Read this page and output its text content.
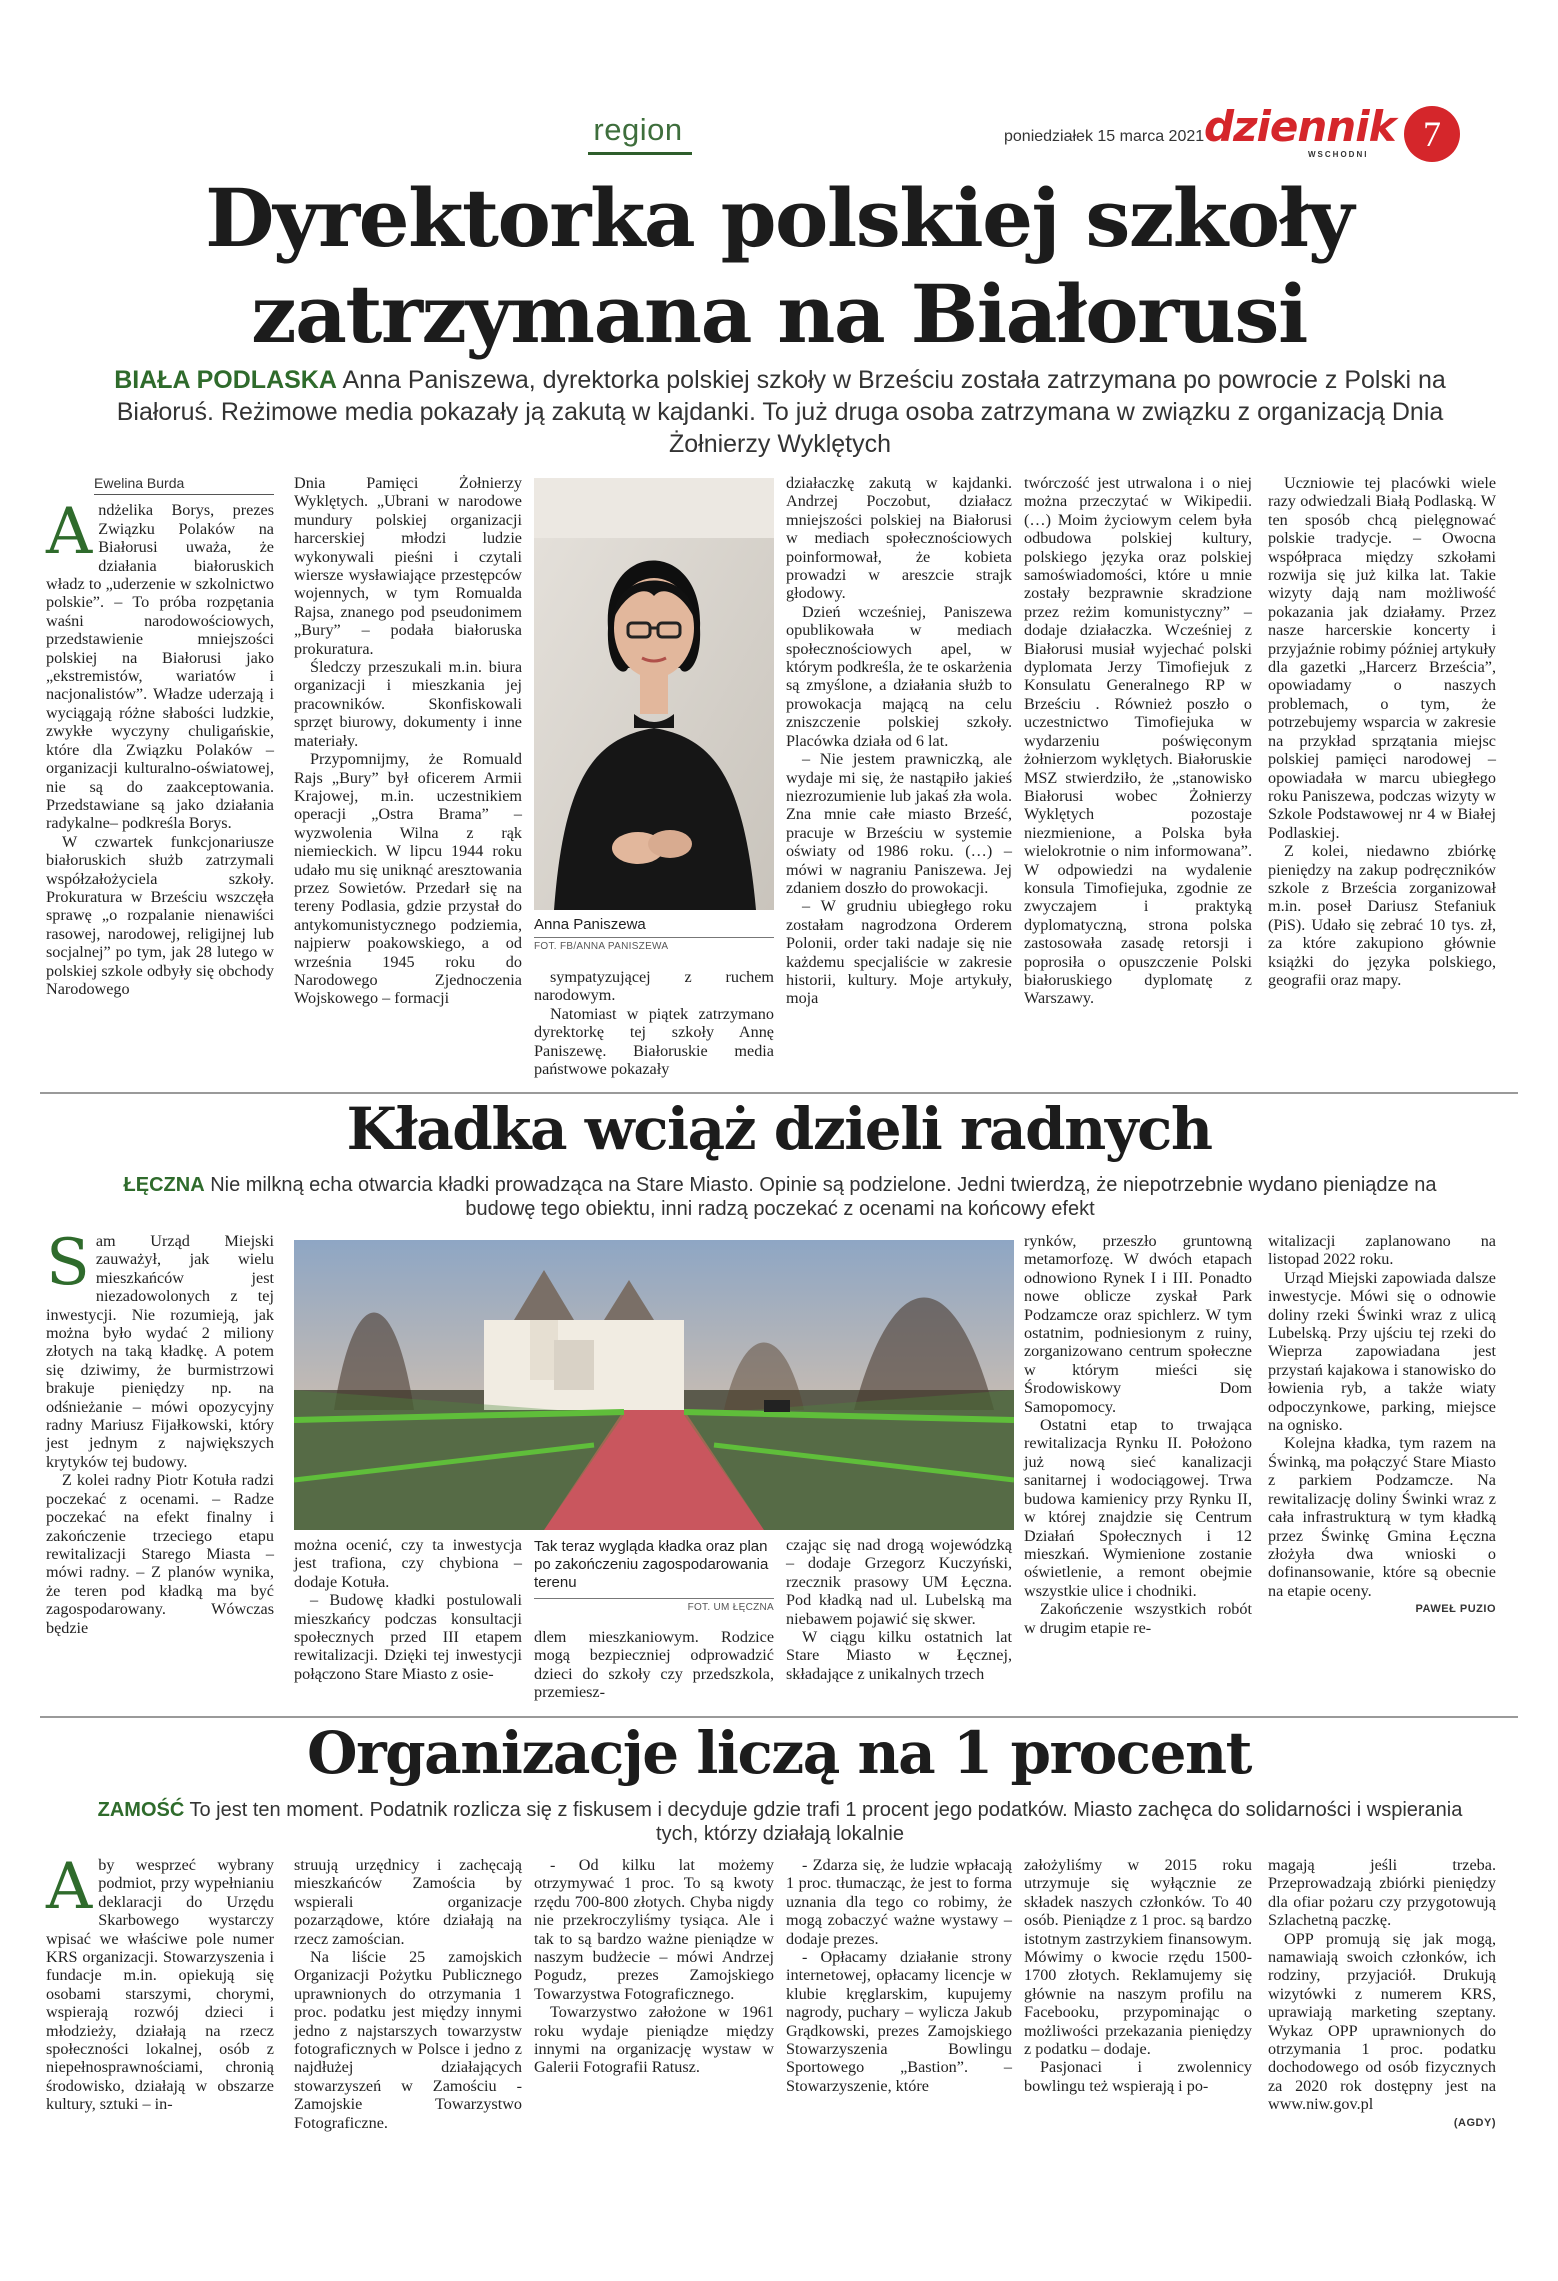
region	poniedziałek 15 marca 2021 dziennik
WSCHODNI
7
Dyrektorka polskiej szkoły
zatrzymana na Białorusi
BIAŁA PODLASKA Anna Paniszewa, dyrektorka polskiej szkoły w Brześciu została zatrzymana po powrocie z Polski na Białoruś. Reżimowe media pokazały ją zakutą w kajdanki. To już druga osoba zatrzymana w związku z organizacją Dnia Żołnierzy Wyklętych
Ewelina Burda
A ndżelika Borys, prezes Związku Polaków na Białorusi uważa, że działania białoruskich władz to „uderzenie w szkolnictwo polskie”. – To próba rozpętania waśni narodowościowych, przedstawienie mniejszości polskiej na Białorusi jako „ekstremistów, wariatów i nacjonalistów”. Władze uderzają i wyciągają różne słabości ludzkie, zwykłe wyczyny chuligańskie, które dla Związku Polaków – organizacji kulturalno-oświatowej, nie są do zaakceptowania. Przedstawiane są jako działania radykalne– podkreśla Borys.

W czwartek funkcjonariusze białoruskich służb zatrzymali współzałożyciela szkoły. Prokuratura w Brześciu wszczęła sprawę „o rozpalanie nienawiści rasowej, narodowej, religijnej lub socjalnej” po tym, jak 28 lutego w polskiej szkole odbyły się obchody Narodowego

Dnia Pamięci Żołnierzy Wyklętych. „Ubrani w narodowe mundury polskiej organizacji harcerskiej młodzi ludzie wykonywali pieśni i czytali wiersze wysławiające przestępców wojennych, w tym Romualda Rajsa, znanego pod pseudonimem „Bury” – podała białoruska prokuratura.

Śledczy przeszukali m.in. biura organizacji i mieszkania jej pracowników. Skonfiskowali sprzęt biurowy, dokumenty i inne materiały.

Przypomnijmy, że Romuald Rajs „Bury” był oficerem Armii Krajowej, m.in. uczestnikiem operacji „Ostra Brama” – wyzwolenia Wilna z rąk niemieckich. W lipcu 1944 roku udało mu się uniknąć aresztowania przez Sowietów. Przedarł się na tereny Podlasia, gdzie przystał do antykomunistycznego podziemia, najpierw poakowskiego, a od września 1945 roku do Narodowego Zjednoczenia Wojskowego – formacji

Anna Paniszewa
FOT. FB/ANNA PANISZEWA

sympatyzującej z ruchem narodowym.

Natomiast w piątek zatrzymano dyrektorkę tej szkoły Annę Paniszewę. Białoruskie media państwowe pokazały

działaczkę zakutą w kajdanki. Andrzej Poczobut, działacz mniejszości polskiej na Białorusi w mediach społecznościowych poinformował, że kobieta prowadzi w areszcie strajk głodowy.

Dzień wcześniej, Paniszewa opublikowała w mediach społecznościowych apel, w którym podkreśla, że te oskarżenia są zmyślone, a działania służb to prowokacja mającą na celu zniszczenie polskiej szkoły. Placówka działa od 6 lat.

– Nie jestem prawniczką, ale wydaje mi się, że nastąpiło jakieś niezrozumienie lub jakaś zła wola. Zna mnie całe miasto Brześć, pracuje w Brześciu w systemie oświaty od 1986 roku. (…) – mówi w nagraniu Paniszewa. Jej zdaniem doszło do prowokacji.

– W grudniu ubiegłego roku zostałam nagrodzona Orderem Polonii, order taki nadaje się nie każdemu specjaliście w zakresie historii, kultury. Moje artykuły, moja

twórczość jest utrwalona i o niej można przeczytać w Wikipedii. (…) Moim życiowym celem była odbudowa polskiej kultury, polskiego języka oraz polskiej samoświadomości, które u mnie zostały bezprawnie skradzione przez reżim komunistyczny” – dodaje działaczka. Wcześniej z Białorusi musiał wyjechać polski dyplomata Jerzy Timofiejuk z Konsulatu Generalnego RP w Brześciu . Również poszło o uczestnictwo Timofiejuka w wydarzeniu poświęconym żołnierzom wyklętych. Białoruskie MSZ stwierdziło, że „stanowisko Białorusi wobec Żołnierzy Wyklętych pozostaje niezmienione, a Polska była wielokrotnie o nim informowana”. W odpowiedzi na wydalenie konsula Timofiejuka, zgodnie ze zwyczajem i praktyką dyplomatyczną, strona polska zastosowała zasadę retorsji i poprosiła o opuszczenie Polski białoruskiego dyplomatę z Warszawy.

Uczniowie tej placówki wiele razy odwiedzali Białą Podlaską. W ten sposób chcą pielęgnować polskie tradycje. – Owocna współpraca między szkołami rozwija się już kilka lat. Takie wizyty dają nam możliwość pokazania jak działamy. Przez nasze harcerskie koncerty i przyjaźnie robimy później artykuły dla gazetki „Harcerz Brześcia”, opowiadamy o naszych problemach, o tym, że potrzebujemy wsparcia w zakresie na przykład sprzątania miejsc polskiej pamięci narodowej –opowiadała w marcu ubiegłego roku Paniszewa, podczas wizyty w Szkole Podstawowej nr 4 w Białej Podlaskiej.

Z kolei, niedawno zbiórkę pieniędzy na zakup podręczników szkole z Brześcia zorganizował m.in. poseł Dariusz Stefaniuk (PiS). Udało się zebrać 10 tys. zł, za które zakupiono głównie książki do języka polskiego, geografii oraz mapy.

Kładka wciąż dzieli radnych
ŁĘCZNA Nie milkną echa otwarcia kładki prowadząca na Stare Miasto. Opinie są podzielone. Jedni twierdzą, że niepotrzebnie wydano pieniądze na budowę tego obiektu, inni radzą poczekać z ocenami na końcowy efekt
S am Urząd Miejski zauważył, jak wielu mieszkańców jest niezadowolonych z tej inwestycji. Nie rozumieją, jak można było wydać 2 miliony złotych na taką kładkę. A potem się dziwimy, że burmistrzowi brakuje pieniędzy np. na odśnieżanie – mówi opozycyjny radny Mariusz Fijałkowski, który jest jednym z największych krytyków tej budowy.

Z kolei radny Piotr Kotuła radzi poczekać z ocenami. – Radze poczekać na efekt finalny i zakończenie trzeciego etapu rewitalizacji Starego Miasta – mówi radny. – Z planów wynika, że teren pod kładką ma być zagospodarowany. Wówczas będzie

można ocenić, czy ta inwestycja jest trafiona, czy chybiona – dodaje Kotuła.

– Budowę kładki postulowali mieszkańcy podczas konsultacji społecznych przed III etapem rewitalizacji. Dzięki tej inwestycji połączono Stare Miasto z osie-

Tak teraz wygląda kładka oraz plan po zakończeniu zagospodarowania terenu
FOT. UM ŁĘCZNA

dlem mieszkaniowym. Rodzice mogą bezpieczniej odprowadzić dzieci do szkoły czy przedszkola, przemiesz-

czając się nad drogą wojewódzką – dodaje Grzegorz Kuczyński, rzecznik prasowy UM Łęczna. Pod kładką nad ul. Lubelską ma niebawem pojawić się skwer.

W ciągu kilku ostatnich lat Stare Miasto w Łęcznej, składające z unikalnych trzech

rynków, przeszło gruntowną metamorfozę. W dwóch etapach odnowiono Rynek I i III. Ponadto nowe oblicze zyskał Park Podzamcze oraz spichlerz. W tym ostatnim, podniesionym z ruiny, zorganizowano centrum społeczne w którym mieści się Środowiskowy Dom Samopomocy.

Ostatni etap to trwająca rewitalizacja Rynku II. Położono już nową sieć kanalizacji sanitarnej i wodociągowej. Trwa budowa kamienicy przy Rynku II, w której znajdzie się Centrum Działań Społecznych i 12 mieszkań. Wymienione zostanie oświetlenie, a remont obejmie wszystkie ulice i chodniki.

Zakończenie wszystkich robót w drugim etapie re-

witalizacji zaplanowano na listopad 2022 roku.

Urząd Miejski zapowiada dalsze inwestycje. Mówi się o odnowie doliny rzeki Świnki wraz z ulicą Lubelską. Przy ujściu tej rzeki do Wieprza zapowiadana jest przystań kajakowa i stanowisko do łowienia ryb, a także wiaty odpoczynkowe, parking, miejsce na ognisko.

Kolejna kładka, tym razem na Świnką, ma połączyć Stare Miasto z parkiem Podzamcze. Na rewitalizację doliny Świnki wraz z cała infrastrukturą w tym kładką przez Świnkę Gmina Łęczna złożyła dwa wnioski o dofinansowanie, które są obecnie na etapie oceny.

PAWEŁ PUZIO
Organizacje liczą na 1 procent
ZAMOŚĆ To jest ten moment. Podatnik rozlicza się z fiskusem i decyduje gdzie trafi 1 procent jego podatków. Miasto zachęca do solidarności i wspierania tych, którzy działają lokalnie
A by wesprzeć wybrany podmiot, przy wypełnianiu deklaracji do Urzędu Skarbowego wystarczy wpisać we właściwe pole numer KRS organizacji. Stowarzyszenia i fundacje m.in. opiekują się osobami starszymi, chorymi, wspierają rozwój dzieci i młodzieży, działają na rzecz społeczności lokalnej, osób z niepełnosprawnościami, chronią środowisko, działają w obszarze kultury, sztuki – in-

struują urzędnicy i zachęcają mieszkańców Zamościa by wspierali organizacje pozarządowe, które działają na rzecz zamościan.

Na liście 25 zamojskich Organizacji Pożytku Publicznego uprawnionych do otrzymania 1 proc. podatku jest między innymi jedno z najstarszych towarzystw fotograficznych w Polsce i jedno z najdłużej działających stowarzyszeń w Zamościu - Zamojskie Towarzystwo Fotograficzne.

- Od kilku lat możemy otrzymywać 1 proc. To są kwoty rzędu 700-800 złotych. Chyba nigdy nie przekroczyliśmy tysiąca. Ale i tak to są bardzo ważne pieniądze w naszym budżecie – mówi Andrzej Pogudz, prezes Zamojskiego Towarzystwa Fotograficznego.

Towarzystwo założone w 1961 roku wydaje pieniądze między innymi na organizację wystaw w Galerii Fotografii Ratusz.

- Zdarza się, że ludzie wpłacają 1 proc. tłumacząc, że jest to forma uznania dla tego co robimy, że mogą zobaczyć ważne wystawy – dodaje prezes.

- Opłacamy działanie strony internetowej, opłacamy licencje w klubie kręglarskim, kupujemy nagrody, puchary – wylicza Jakub Grądkowski, prezes Zamojskiego Stowarzyszenia Bowlingu Sportowego „Bastion”. – Stowarzyszenie, które

założyliśmy w 2015 roku utrzymuje się wyłącznie ze składek naszych członków. To 40 osób. Pieniądze z 1 proc. są bardzo istotnym zastrzykiem finansowym. Mówimy o kwocie rzędu 1500-1700 złotych. Reklamujemy się głównie na naszym profilu na Facebooku, przypominając o możliwości przekazania pieniędzy z podatku – dodaje.

Pasjonaci i zwolennicy bowlingu też wspierają i po-

magają jeśli trzeba. Przeprowadzają zbiórki pieniędzy dla ofiar pożaru czy przygotowują Szlachetną paczkę.

OPP promują się jak mogą, namawiają swoich członków, ich rodziny, przyjaciół. Drukują wizytówki z numerem KRS, uprawiają marketing szeptany. Wykaz OPP uprawnionych do otrzymania 1 proc. podatku dochodowego od osób fizycznych za 2020 rok dostępny jest na www.niw.gov.pl

(AGDY)
